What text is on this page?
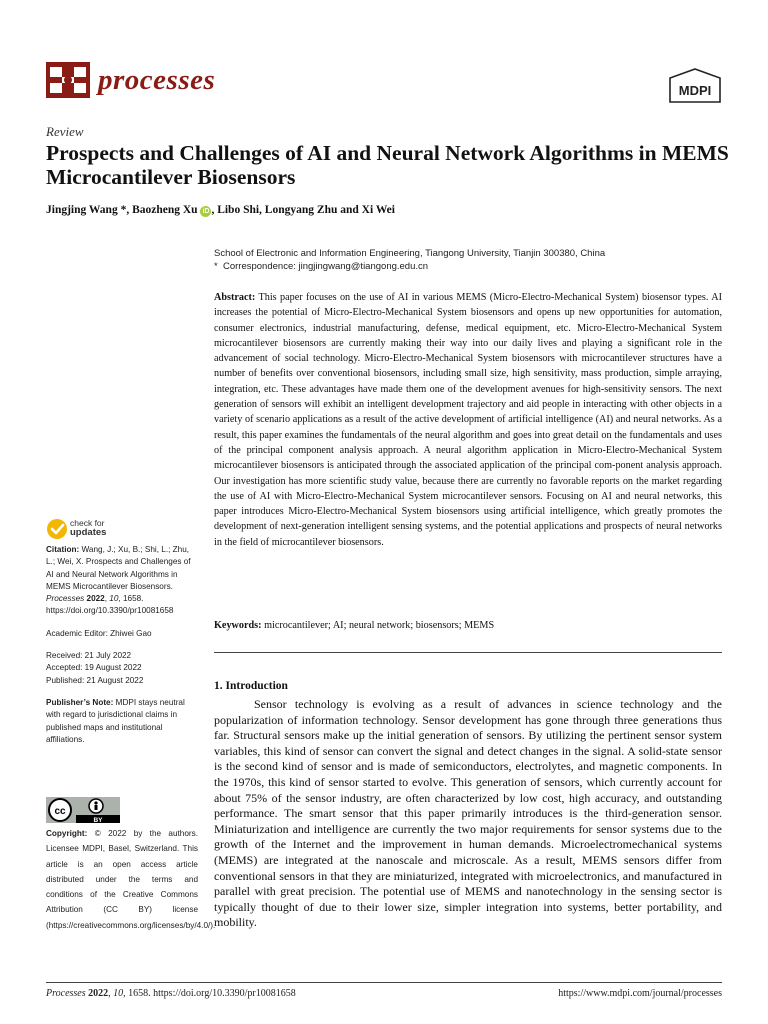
processes	MDPI
Review
Prospects and Challenges of AI and Neural Network Algorithms in MEMS Microcantilever Biosensors
Jingjing Wang *, Baozheng Xu iD , Libo Shi, Longyang Zhu and Xi Wei
School of Electronic and Information Engineering, Tiangong University, Tianjin 300380, China
* Correspondence: jingjingwang@tiangong.edu.cn

Abstract: This paper focuses on the use of AI in various MEMS (Micro-Electro-Mechanical System) biosensor types. AI increases the potential of Micro-Electro-Mechanical System biosensors and opens up new opportunities for automation, consumer electronics, industrial manufacturing, defense, medical equipment, etc. Micro-Electro-Mechanical System microcantilever biosensors are currently making their way into our daily lives and playing a significant role in the advancement of social technology. Micro-Electro-Mechanical System biosensors with microcantilever structures have a number of benefits over conventional biosensors, including small size, high sensitivity, mass production, simple arraying, integration, etc. These advantages have made them one of the development avenues for high-sensitivity sensors. The next generation of sensors will exhibit an intelligent development trajectory and aid people in interacting with other objects in a variety of scenario applications as a result of the active development of artificial intelligence (AI) and neural networks. As a result, this paper examines the fundamentals of the neural algorithm and goes into great detail on the fundamentals and uses of the principal component analysis approach. A neural algorithm application in Micro-Electro-Mechanical System microcantilever biosensors is anticipated through the associated application of the principal com-ponent analysis approach. Our investigation has more scientific study value, because there are currently no favorable reports on the market regarding the use of AI with Micro-Electro-Mechanical System microcantilever sensors. Focusing on AI and neural networks, this paper introduces Micro-Electro-Mechanical System biosensors using artificial intelligence, which greatly promotes the development of next-generation intelligent sensing systems, and the potential applications and prospects of neural networks in the field of microcantilever biosensors.

Keywords: microcantilever; AI; neural network; biosensors; MEMS
check for
updates

Citation: Wang, J.; Xu, B.; Shi, L.; Zhu, L.; Wei, X. Prospects and Challenges of AI and Neural Network Algorithms in MEMS Microcantilever Biosensors. Processes 2022, 10, 1658. https://doi.org/10.3390/pr10081658

Academic Editor: Zhiwei Gao

Received: 21 July 2022
Accepted: 19 August 2022

Published: 21 August 2022

Publisher’s Note: MDPI stays neutral with regard to jurisdictional claims in published maps and institutional affiliations.

cc
BY
Copyright: © 2022 by the authors. Licensee MDPI, Basel, Switzerland. This article is an open access article distributed under the terms and conditions of the Creative Commons Attribution (CC BY) license (https://creativecommons.org/licenses/by/4.0/).
1. Introduction

Sensor technology is evolving as a result of advances in science technology and the popularization of information technology. Sensor development has gone through three generations thus far. Structural sensors make up the initial generation of sensors. By utilizing the pertinent sensor system variables, this kind of sensor can convert the signal and detect changes in the signal. A solid-state sensor is the second kind of sensor and is made of semiconductors, electrolytes, and magnetic components. In the 1970s, this kind of sensor started to evolve. This generation of sensors, which currently account for about 75% of the sensor industry, are often characterized by low cost, high accuracy, and outstanding performance. The smart sensor that this paper primarily introduces is the third-generation sensor. Miniaturization and intelligence are currently the two major requirements for sensor systems due to the growth of the Internet and the improvement in human demands. Microelectromechanical systems (MEMS) are integrated at the nanoscale and microscale. As a result, MEMS sensors differ from conventional sensors in that they are miniaturized, integrated with microelectronics, and manufactured in parallel with great precision. The potential use of MEMS and nanotechnology in the sensing sector is typically thought of due to their lower size, simpler integration into systems, better portability, and mobility.

Processes 2022, 10, 1658. https://doi.org/10.3390/pr10081658	https://www.mdpi.com/journal/processes
